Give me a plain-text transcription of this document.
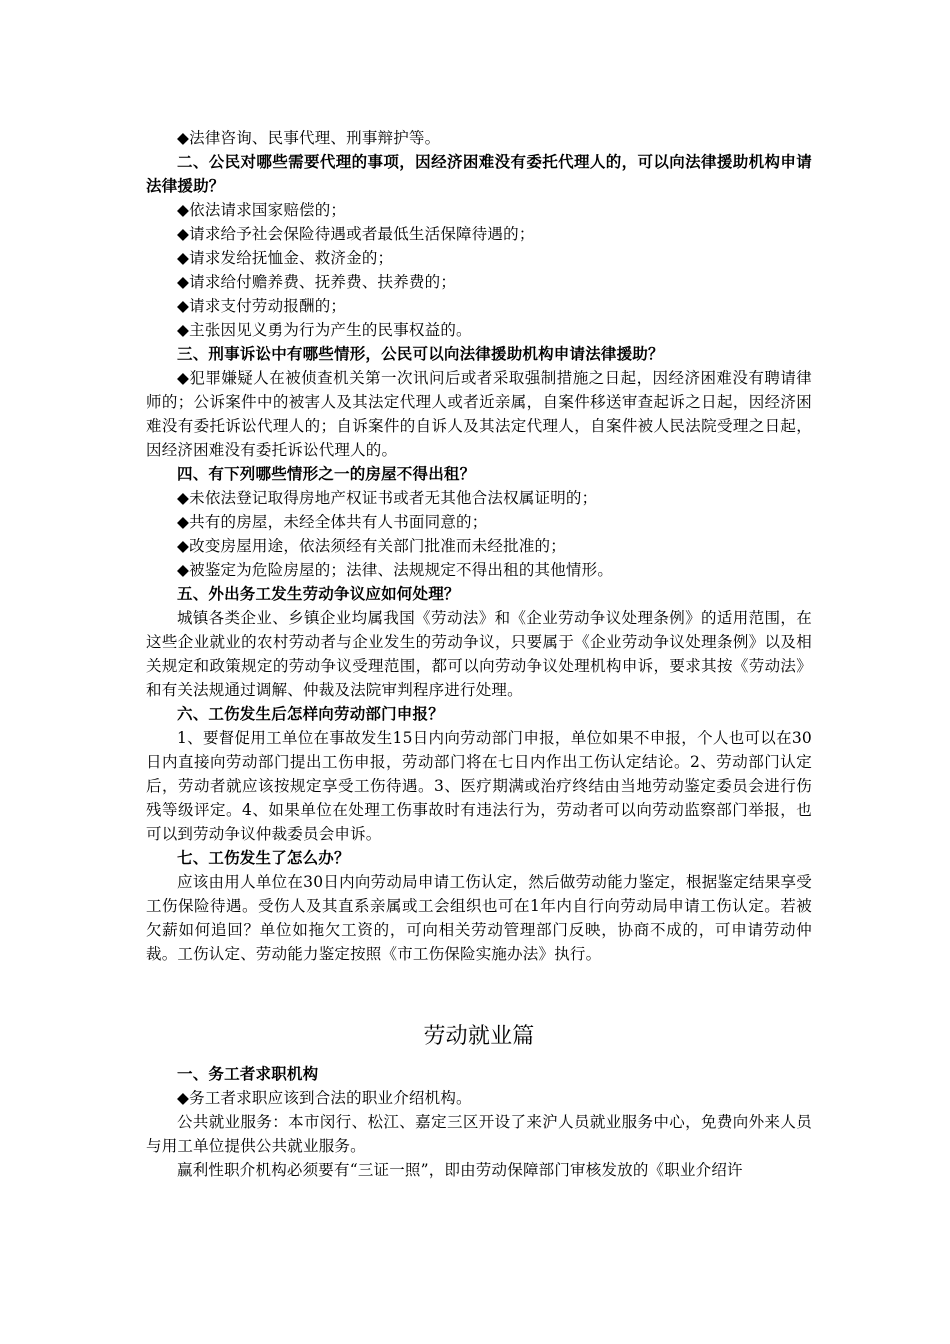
◆法律咨询、民事代理、刑事辩护等。

二、公民对哪些需要代理的事项，因经济困难没有委托代理人的，可以向法律援助机构申请法律援助？

◆依法请求国家赔偿的；

◆请求给予社会保险待遇或者最低生活保障待遇的；

◆请求发给抚恤金、救济金的；

◆请求给付赡养费、抚养费、扶养费的；

◆请求支付劳动报酬的；

◆主张因见义勇为行为产生的民事权益的。

三、刑事诉讼中有哪些情形，公民可以向法律援助机构申请法律援助？

◆犯罪嫌疑人在被侦查机关第一次讯问后或者采取强制措施之日起，因经济困难没有聘请律师的；公诉案件中的被害人及其法定代理人或者近亲属，自案件移送审查起诉之日起，因经济困难没有委托诉讼代理人的；自诉案件的自诉人及其法定代理人，自案件被人民法院受理之日起，因经济困难没有委托诉讼代理人的。

四、有下列哪些情形之一的房屋不得出租？

◆未依法登记取得房地产权证书或者无其他合法权属证明的；

◆共有的房屋，未经全体共有人书面同意的；

◆改变房屋用途，依法须经有关部门批准而未经批准的；

◆被鉴定为危险房屋的；法律、法规规定不得出租的其他情形。

五、外出务工发生劳动争议应如何处理？

城镇各类企业、乡镇企业均属我国《劳动法》和《企业劳动争议处理条例》的适用范围，在这些企业就业的农村劳动者与企业发生的劳动争议，只要属于《企业劳动争议处理条例》以及相关规定和政策规定的劳动争议受理范围，都可以向劳动争议处理机构申诉，要求其按《劳动法》和有关法规通过调解、仲裁及法院审判程序进行处理。

六、工伤发生后怎样向劳动部门申报？

1、要督促用工单位在事故发生15日内向劳动部门申报，单位如果不申报，个人也可以在30日内直接向劳动部门提出工伤申报，劳动部门将在七日内作出工伤认定结论。2、劳动部门认定后，劳动者就应该按规定享受工伤待遇。3、医疗期满或治疗终结由当地劳动鉴定委员会进行伤残等级评定。4、如果单位在处理工伤事故时有违法行为，劳动者可以向劳动监察部门举报，也可以到劳动争议仲裁委员会申诉。

七、工伤发生了怎么办？

应该由用人单位在30日内向劳动局申请工伤认定，然后做劳动能力鉴定，根据鉴定结果享受工伤保险待遇。受伤人及其直系亲属或工会组织也可在1年内自行向劳动局申请工伤认定。若被欠薪如何追回？单位如拖欠工资的，可向相关劳动管理部门反映，协商不成的，可申请劳动仲裁。工伤认定、劳动能力鉴定按照《市工伤保险实施办法》执行。

劳动就业篇

一、务工者求职机构

◆务工者求职应该到合法的职业介绍机构。

公共就业服务：本市闵行、松江、嘉定三区开设了来沪人员就业服务中心，免费向外来人员与用工单位提供公共就业服务。

赢利性职介机构必须要有“三证一照”，即由劳动保障部门审核发放的《职业介绍许
